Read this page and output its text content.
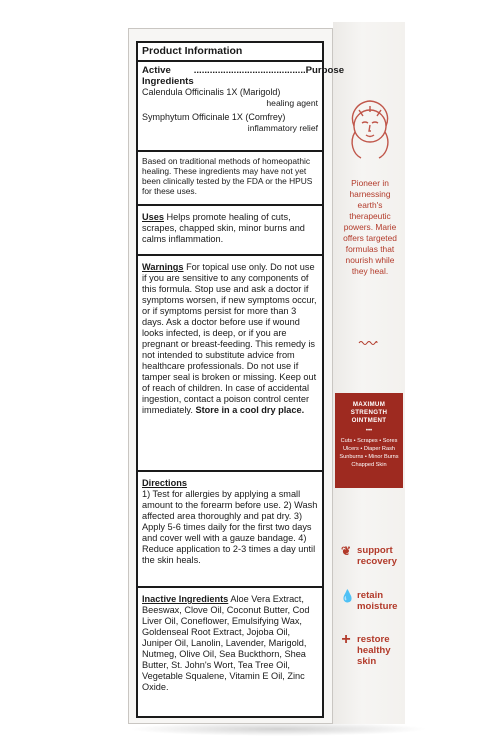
Product Information
Active Ingredients
.......................................... Purpose
Calendula Officinalis 1X (Marigold)
healing agent
Symphytum Officinale 1X (Comfrey)
inflammatory relief
Based on traditional methods of homeopathic healing. These ingredients may have not yet been clinically tested by the FDA or the HPUS for these uses.
Uses Helps promote healing of cuts, scrapes, chapped skin, minor burns and calms inflammation.
Warnings For topical use only. Do not use if you are sensitive to any components of this formula. Stop use and ask a doctor if symptoms worsen, if new symptoms occur, or if symptoms persist for more than 3 days. Ask a doctor before use if wound looks infected, is deep, or if you are pregnant or breast-feeding. This remedy is not intended to substitute advice from healthcare professionals. Do not use if tamper seal is broken or missing. Keep out of reach of children. In case of accidental ingestion, contact a poison control center immediately. Store in a cool dry place.
Directions
1) Test for allergies by applying a small amount to the forearm before use. 2) Wash affected area thoroughly and pat dry. 3) Apply 5-6 times daily for the first two days and cover well with a gauze bandage. 4) Reduce application to 2-3 times a day until the skin heals.
Inactive Ingredients Aloe Vera Extract, Beeswax, Clove Oil, Coconut Butter, Cod Liver Oil, Coneflower, Emulsifying Wax, Goldenseal Root Extract, Jojoba Oil, Juniper Oil, Lanolin, Lavender, Marigold, Nutmeg, Olive Oil, Sea Buckthorn, Shea Butter, St. John's Wort, Tea Tree Oil, Vegetable Squalene, Vitamin E Oil, Zinc Oxide.
Pioneer in harnessing earth's therapeutic powers. Marie offers targeted formulas that nourish while they heal.
MAXIMUM STRENGTH OINTMENT
•••
Cuts • Scrapes • Sores Ulcers • Diaper Rash Sunburns • Minor Burns Chapped Skin
❦ support recovery
💧 retain moisture
+ restore healthy skin
